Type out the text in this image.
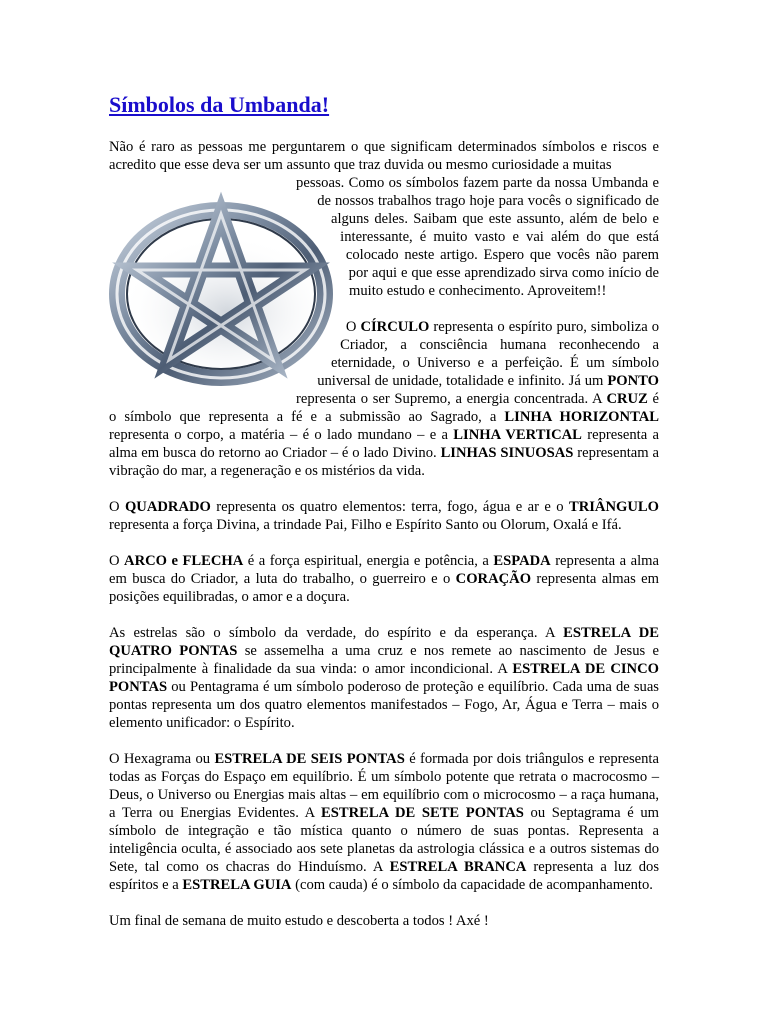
Símbolos da Umbanda!

Não é raro as pessoas me perguntarem o que significam determinados símbolos e riscos e acredito que esse deva ser um assunto que traz duvida ou mesmo curiosidade a muitas

pessoas. Como os símbolos fazem parte da nossa Umbanda e de nossos trabalhos trago hoje para vocês o significado de alguns deles. Saibam que este assunto, além de belo e interessante, é muito vasto e vai além do que está colocado neste artigo. Espero que vocês não parem por aqui e que esse aprendizado sirva como início de muito estudo e conhecimento. Aproveitem!!

O CÍRCULO representa o espírito puro, simboliza o Criador, a consciência humana reconhecendo a eternidade, o Universo e a perfeição. É um símbolo universal de unidade, totalidade e infinito. Já um PONTO representa o ser Supremo, a energia concentrada. A CRUZ é o símbolo que representa a fé e a submissão ao Sagrado, a LINHA HORIZONTAL representa o corpo, a matéria – é o lado mundano – e a LINHA VERTICAL representa a alma em busca do retorno ao Criador – é o lado Divino. LINHAS SINUOSAS representam a vibração do mar, a regeneração e os mistérios da vida.

O QUADRADO representa os quatro elementos: terra, fogo, água e ar e o TRIÂNGULO representa a força Divina, a trindade Pai, Filho e Espírito Santo ou Olorum, Oxalá e Ifá.

O ARCO e FLECHA é a força espiritual, energia e potência, a ESPADA representa a alma em busca do Criador, a luta do trabalho, o guerreiro e o CORAÇÃO representa almas em posições equilibradas, o amor e a doçura.

As estrelas são o símbolo da verdade, do espírito e da esperança. A ESTRELA DE QUATRO PONTAS se assemelha a uma cruz e nos remete ao nascimento de Jesus e principalmente à finalidade da sua vinda: o amor incondicional. A ESTRELA DE CINCO PONTAS ou Pentagrama é um símbolo poderoso de proteção e equilíbrio. Cada uma de suas pontas representa um dos quatro elementos manifestados – Fogo, Ar, Água e Terra – mais o elemento unificador: o Espírito.

O Hexagrama ou ESTRELA DE SEIS PONTAS é formada por dois triângulos e representa todas as Forças do Espaço em equilíbrio. É um símbolo potente que retrata o macrocosmo – Deus, o Universo ou Energias mais altas – em equilíbrio com o microcosmo – a raça humana, a Terra ou Energias Evidentes. A ESTRELA DE SETE PONTAS ou Septagrama é um símbolo de integração e tão mística quanto o número de suas pontas. Representa a inteligência oculta, é associado aos sete planetas da astrologia clássica e a outros sistemas do Sete, tal como os chacras do Hinduísmo. A ESTRELA BRANCA representa a luz dos espíritos e a ESTRELA GUIA (com cauda) é o símbolo da capacidade de acompanhamento.

Um final de semana de muito estudo e descoberta a todos ! Axé !
